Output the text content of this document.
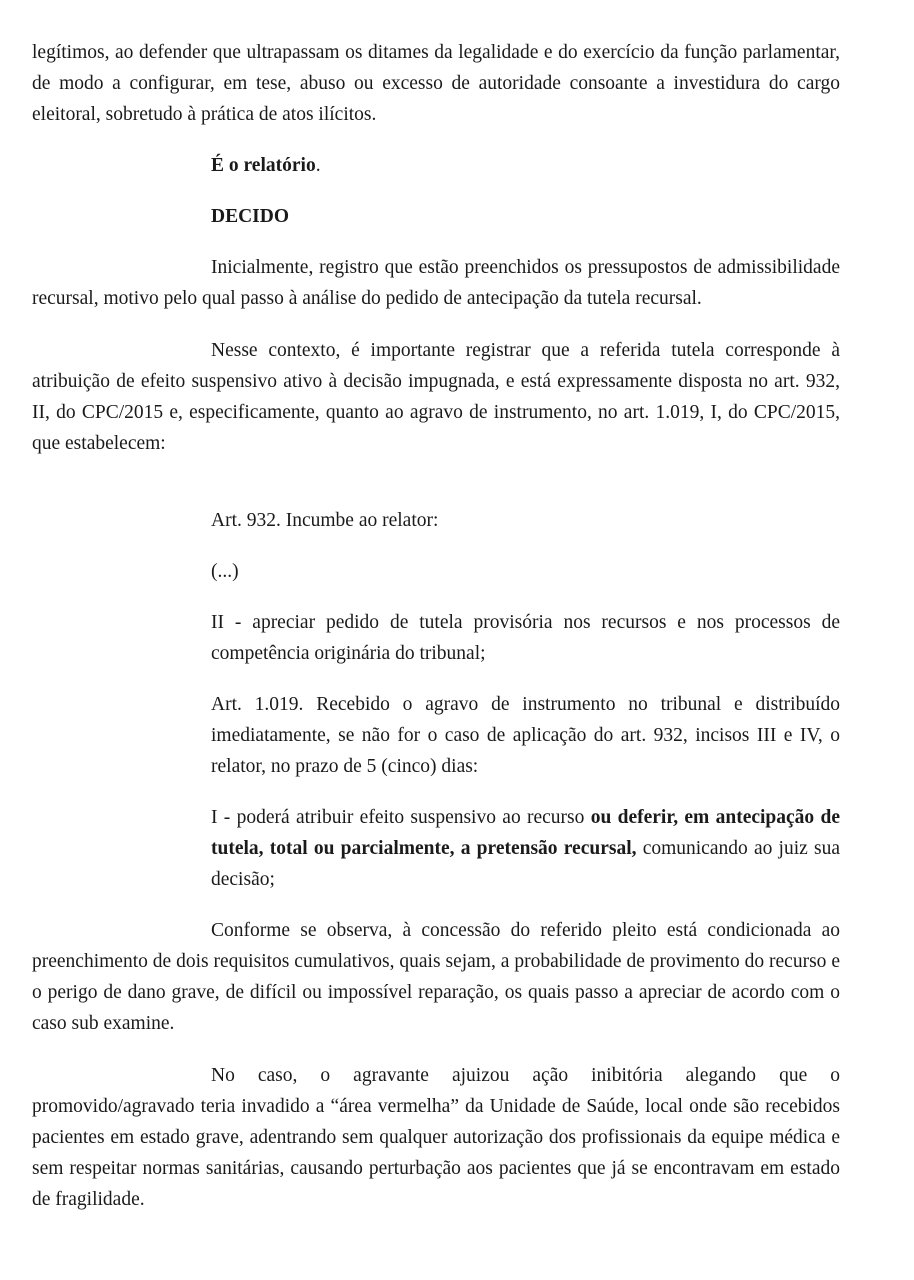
legítimos, ao defender que ultrapassam os ditames da legalidade e do exercício da função parlamentar, de modo a configurar, em tese, abuso ou excesso de autoridade consoante a investidura do cargo eleitoral, sobretudo à prática de atos ilícitos.

É o relatório.

DECIDO

Inicialmente, registro que estão preenchidos os pressupostos de admissibilidade recursal, motivo pelo qual passo à análise do pedido de antecipação da tutela recursal.

Nesse contexto, é importante registrar que a referida tutela corresponde à atribuição de efeito suspensivo ativo à decisão impugnada, e está expressamente disposta no art. 932, II, do CPC/2015 e, especificamente, quanto ao agravo de instrumento, no art. 1.019, I, do CPC/2015, que estabelecem:

Art. 932. Incumbe ao relator:

(...)

II - apreciar pedido de tutela provisória nos recursos e nos processos de competência originária do tribunal;

Art. 1.019. Recebido o agravo de instrumento no tribunal e distribuído imediatamente, se não for o caso de aplicação do art. 932, incisos III e IV, o relator, no prazo de 5 (cinco) dias:

I - poderá atribuir efeito suspensivo ao recurso ou deferir, em antecipação de tutela, total ou parcialmente, a pretensão recursal, comunicando ao juiz sua decisão;

Conforme se observa, à concessão do referido pleito está condicionada ao preenchimento de dois requisitos cumulativos, quais sejam, a probabilidade de provimento do recurso e o perigo de dano grave, de difícil ou impossível reparação, os quais passo a apreciar de acordo com o caso sub examine.

No caso, o agravante ajuizou ação inibitória alegando que o promovido/agravado teria invadido a “área vermelha” da Unidade de Saúde, local onde são recebidos pacientes em estado grave, adentrando sem qualquer autorização dos profissionais da equipe médica e sem respeitar normas sanitárias, causando perturbação aos pacientes que já se encontravam em estado de fragilidade.
